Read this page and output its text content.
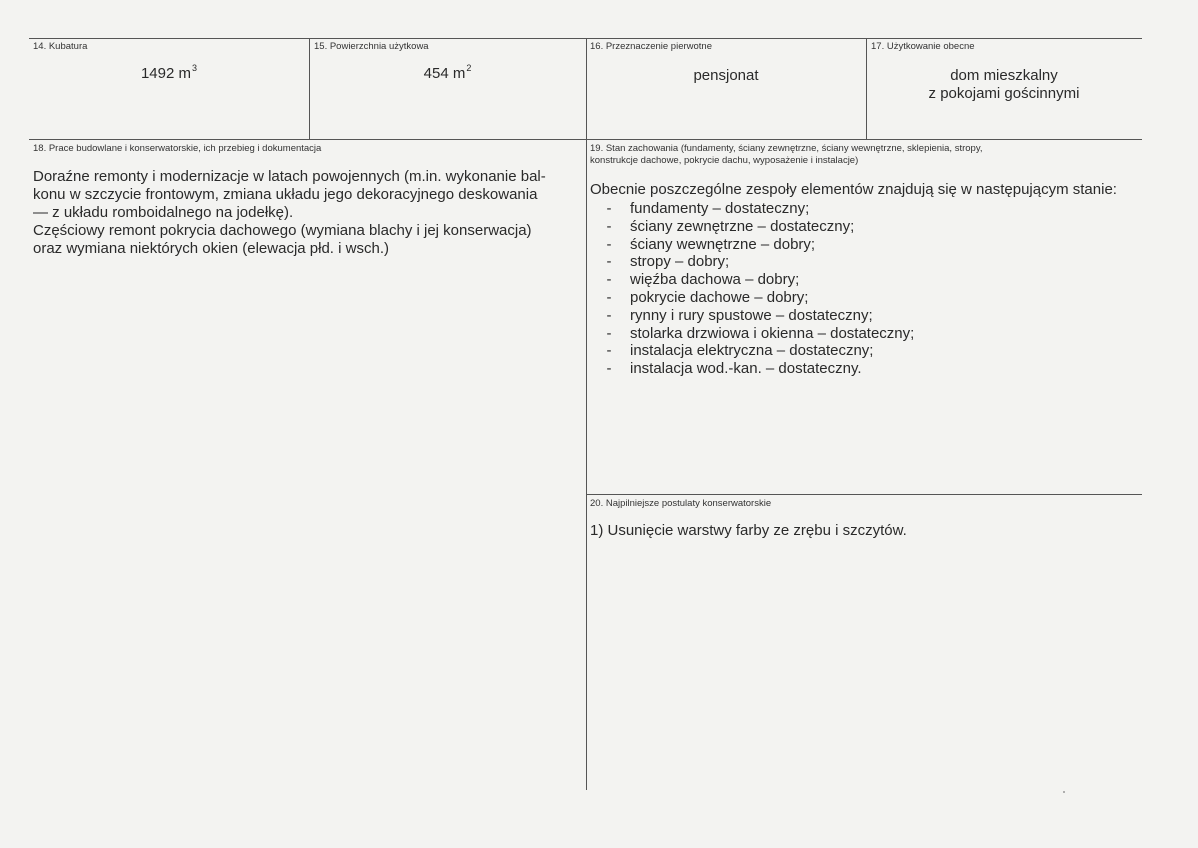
14. Kubatura
1492 $m^3$
15. Powierzchnia użytkowa
454 $m^2$
16. Przeznaczenie pierwotne
pensjonat
17. Użytkowanie obecne
dom mieszkalny
z pokojami gościnnymi
18. Prace budowlane i konserwatorskie, ich przebieg i dokumentacja
Doraźne remonty i modernizacje w latach powojennych (m.in. wykonanie bal-
konu w szczycie frontowym, zmiana układu jego dekoracyjnego deskowania
— z układu romboidalnego na jodełkę).
Częściowy remont pokrycia dachowego (wymiana blachy i jej konserwacja)
oraz wymiana niektórych okien (elewacja płd. i wsch.)
19. Stan zachowania (fundamenty, ściany zewnętrzne, ściany wewnętrzne, sklepienia, stropy,
konstrukcje dachowe, pokrycie dachu, wyposażenie i instalacje)
Obecnie poszczególne zespoły elementów znajdują się w następującym stanie:
- fundamenty – dostateczny;
- ściany zewnętrzne – dostateczny;
- ściany wewnętrzne – dobry;
- stropy – dobry;
- więźba dachowa – dobry;
- pokrycie dachowe – dobry;
- rynny i rury spustowe – dostateczny;
- stolarka drzwiowa i okienna – dostateczny;
- instalacja elektryczna – dostateczny;
- instalacja wod.-kan. – dostateczny.
20. Najpilniejsze postulaty konserwatorskie
1) Usunięcie warstwy farby ze zrębu i szczytów.
